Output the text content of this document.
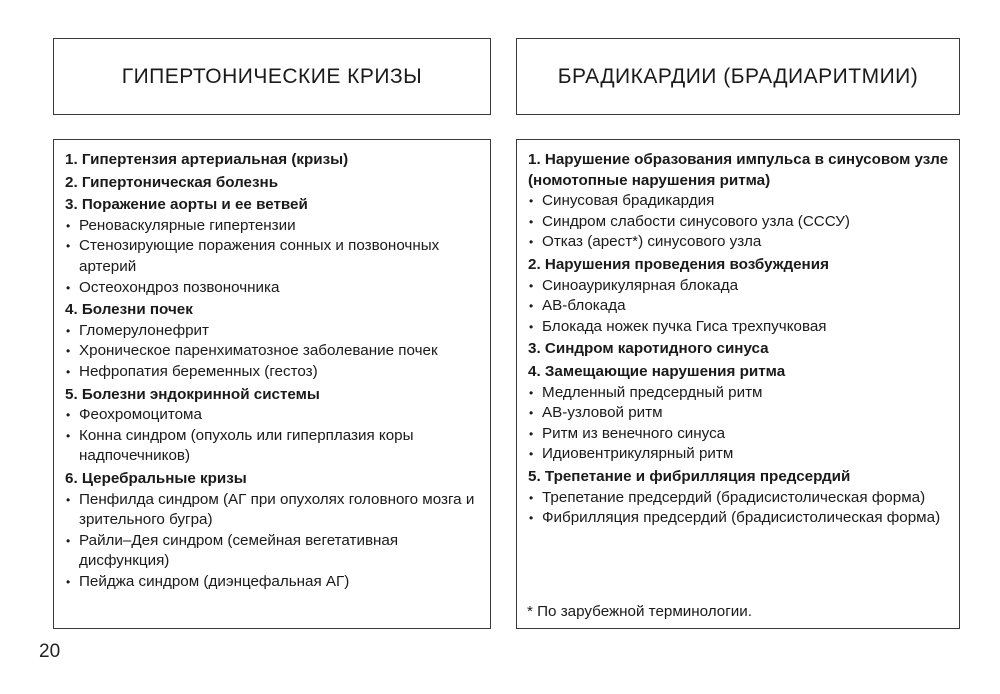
ГИПЕРТОНИЧЕСКИЕ КРИЗЫ	БРАДИКАРДИИ (БРАДИАРИТМИИ)
1. Гипертензия артериальная (кризы)
2. Гипертоническая болезнь
3. Поражение аорты и ее ветвей
• Реноваскулярные гипертензии
• Стенозирующие поражения сонных и позвоночных артерий
• Остеохондроз позвоночника
4. Болезни почек
• Гломерулонефрит
• Хроническое паренхиматозное заболевание почек
• Нефропатия беременных (гестоз)
5. Болезни эндокринной системы
• Феохромоцитома
• Конна синдром (опухоль или гиперплазия коры надпочечников)
6. Церебральные кризы
• Пенфилда синдром (АГ при опухолях головного мозга и зрительного бугра)
• Райли–Дея синдром (семейная вегетативная дисфункция)
• Пейджа синдром (диэнцефальная АГ)
1. Нарушение образования импульса в синусовом узле (номотопные нарушения ритма)
• Синусовая брадикардия
• Синдром слабости синусового узла (СССУ)
• Отказ (арест*) синусового узла
2. Нарушения проведения возбуждения
• Синоаурикулярная блокада
• АВ-блокада
• Блокада ножек пучка Гиса трехпучковая
3. Синдром каротидного синуса
4. Замещающие нарушения ритма
• Медленный предсердный ритм
• АВ-узловой ритм
• Ритм из венечного синуса
• Идиовентрикулярный ритм
5. Трепетание и фибрилляция предсердий
• Трепетание предсердий (брадисистолическая форма)
• Фибрилляция предсердий (брадисистолическая форма)
* По зарубежной терминологии.
20
